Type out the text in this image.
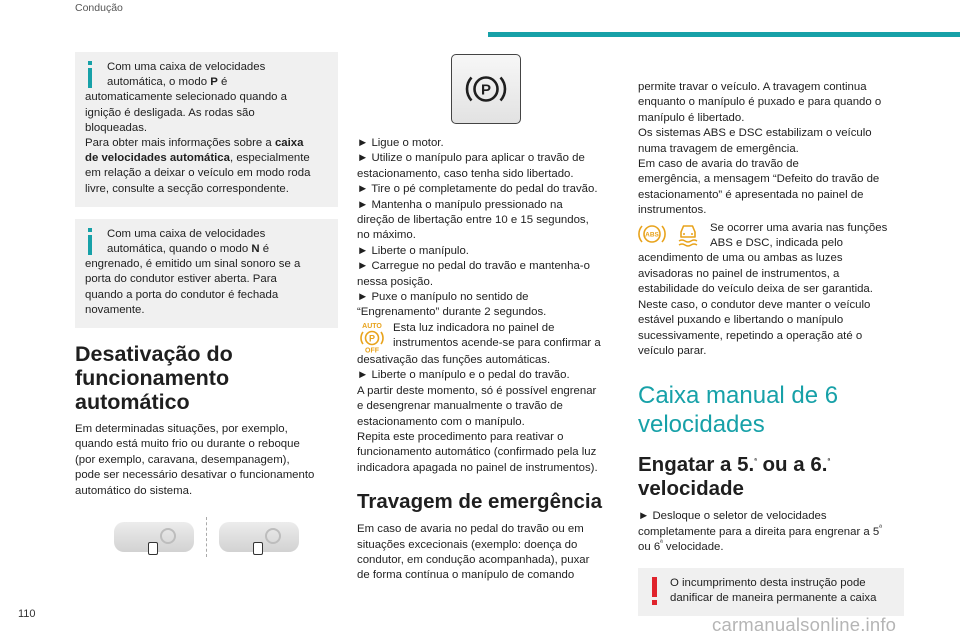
Condução

Com uma caixa de velocidades

automática, o modo P é

automaticamente selecionado quando a

ignição é desligada. As rodas são

bloqueadas.

Para obter mais informações sobre a caixa

de velocidades automática, especialmente

em relação a deixar o veículo em modo roda

livre, consulte a secção correspondente.

Com uma caixa de velocidades

automática, quando o modo N é

engrenado, é emitido um sinal sonoro se a

porta do condutor estiver aberta. Para

quando a porta do condutor é fechada

novamente.

Desativação do
funcionamento automático

Em determinadas situações, por exemplo,

quando está muito frio ou durante o reboque

(por exemplo, caravana, desempanagem),

pode ser necessário desativar o funcionamento

automático do sistema.

P

► Ligue o motor.

► Utilize o manípulo para aplicar o travão de

estacionamento, caso tenha sido libertado.

► Tire o pé completamente do pedal do travão.

► Mantenha o manípulo pressionado na

direção de libertação entre 10 e 15 segundos,

no máximo.

► Liberte o manípulo.

► Carregue no pedal do travão e mantenha-o

nessa posição.

► Puxe o manípulo no sentido de

“Engrenamento” durante 2 segundos.

AUTO
P
OFF

Esta luz indicadora no painel de

instrumentos acende-se para confirmar a

desativação das funções automáticas.

► Liberte o manípulo e o pedal do travão.

A partir deste momento, só é possível engrenar

e desengrenar manualmente o travão de

estacionamento com o manípulo.

Repita este procedimento para reativar o

funcionamento automático (confirmado pela luz

indicadora apagada no painel de instrumentos).

Travagem de emergência

Em caso de avaria no pedal do travão ou em

situações excecionais (exemplo: doença do

condutor, em condução acompanhada), puxar

de forma contínua o manípulo de comando

permite travar o veículo. A travagem continua

enquanto o manípulo é puxado e para quando o

manípulo é libertado.

Os sistemas ABS e DSC estabilizam o veículo

numa travagem de emergência.

Em caso de avaria do travão de

emergência, a mensagem “Defeito do travão de

estacionamento” é apresentada no painel de

instrumentos.

ABS

Se ocorrer uma avaria nas funções

ABS e DSC, indicada pelo

acendimento de uma ou ambas as luzes

avisadoras no painel de instrumentos, a

estabilidade do veículo deixa de ser garantida.

Neste caso, o condutor deve manter o veículo

estável puxando e libertando o manípulo

sucessivamente, repetindo a operação até o

veículo parar.

Caixa manual de 6
velocidades
Engatar a 5.$^ª$ ou a 6.$^ª$
velocidade

► Desloque o seletor de velocidades

completamente para a direita para engrenar a $5^ª$

ou $6^ª$ velocidade.

O incumprimento desta instrução pode

danificar de maneira permanente a caixa

110	carmanualsonline.info
